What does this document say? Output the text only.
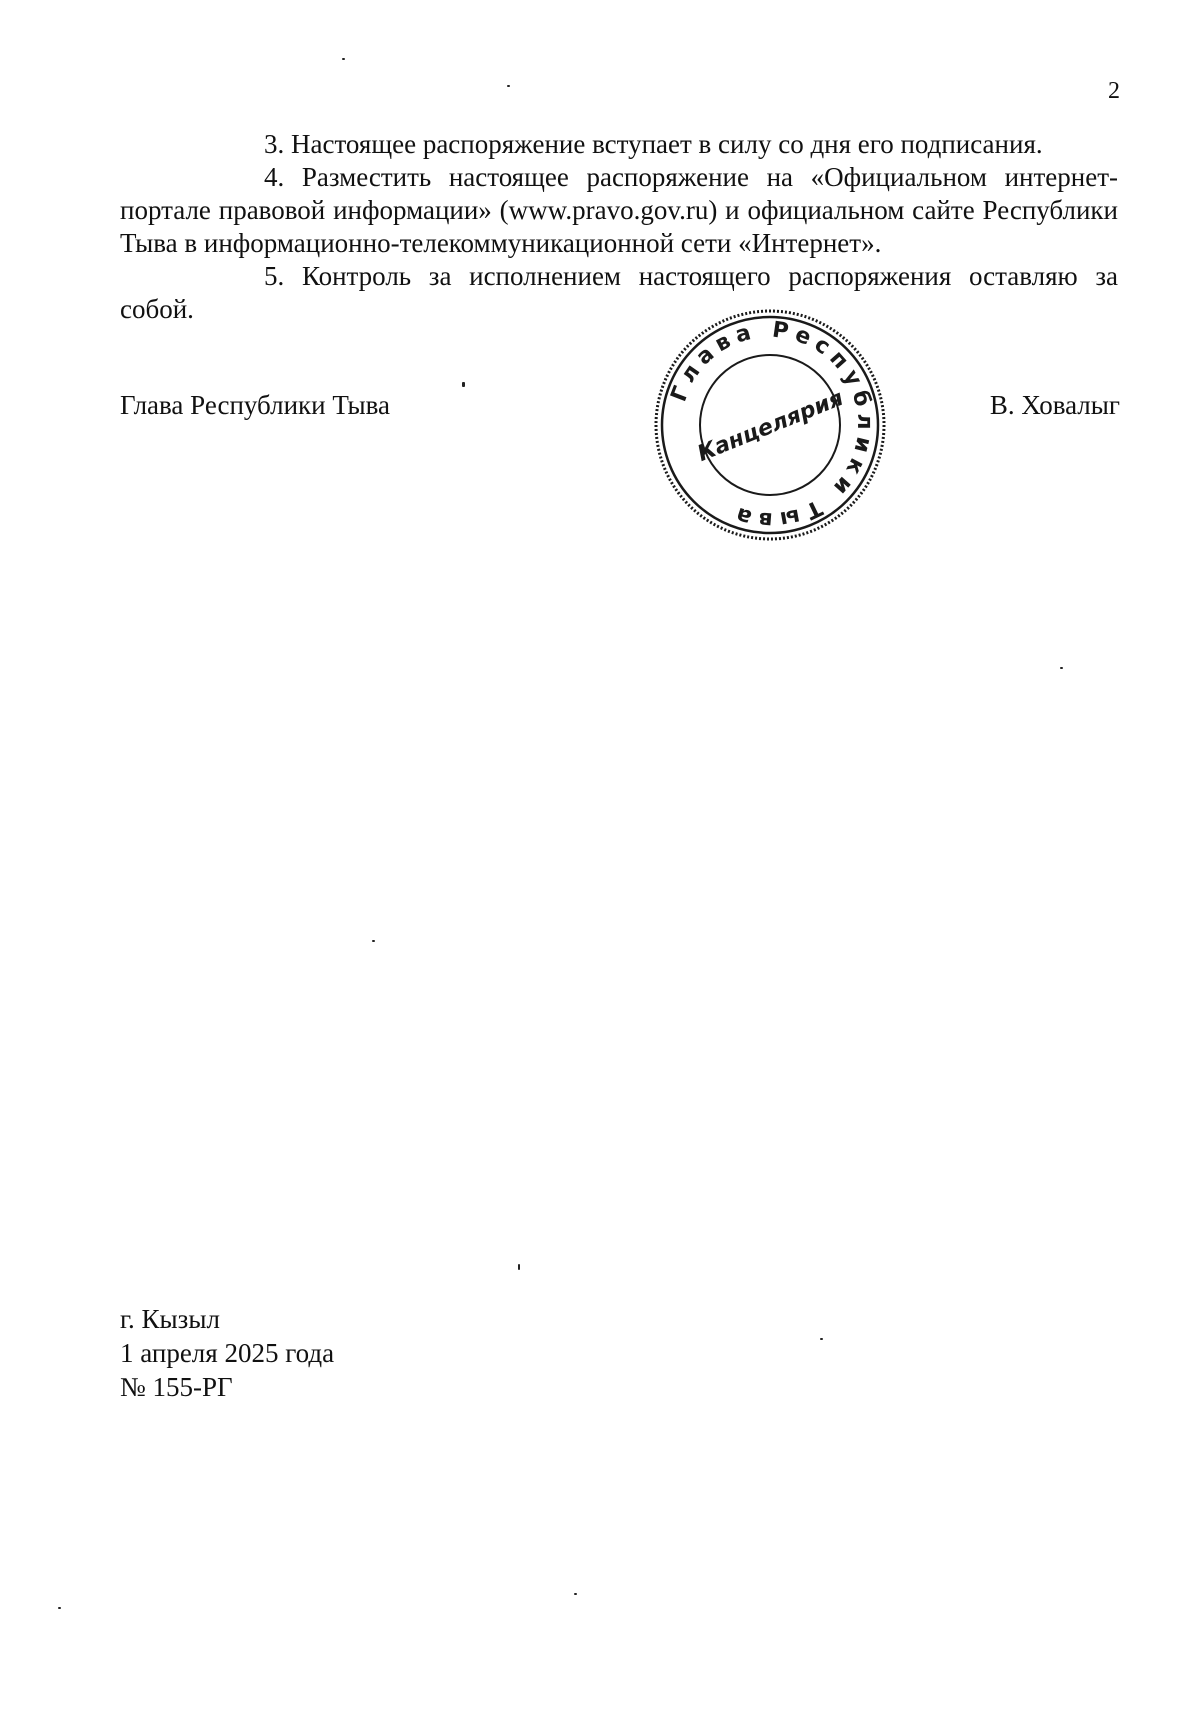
2

3. Настоящее распоряжение вступает в силу со дня его подписания.

4. Разместить настоящее распоряжение на «Официальном интернет-портале правовой информации» (www.pravo.gov.ru) и официальном сайте Республики Тыва в информационно-телекоммуникационной сети «Интернет».

5. Контроль за исполнением настоящего распоряжения оставляю за собой.

Глава Республики Тыва	В. Ховалыг
Глава Республики Тыва
Канцелярия
г. Кызыл
1 апреля 2025 года
№ 155-РГ
